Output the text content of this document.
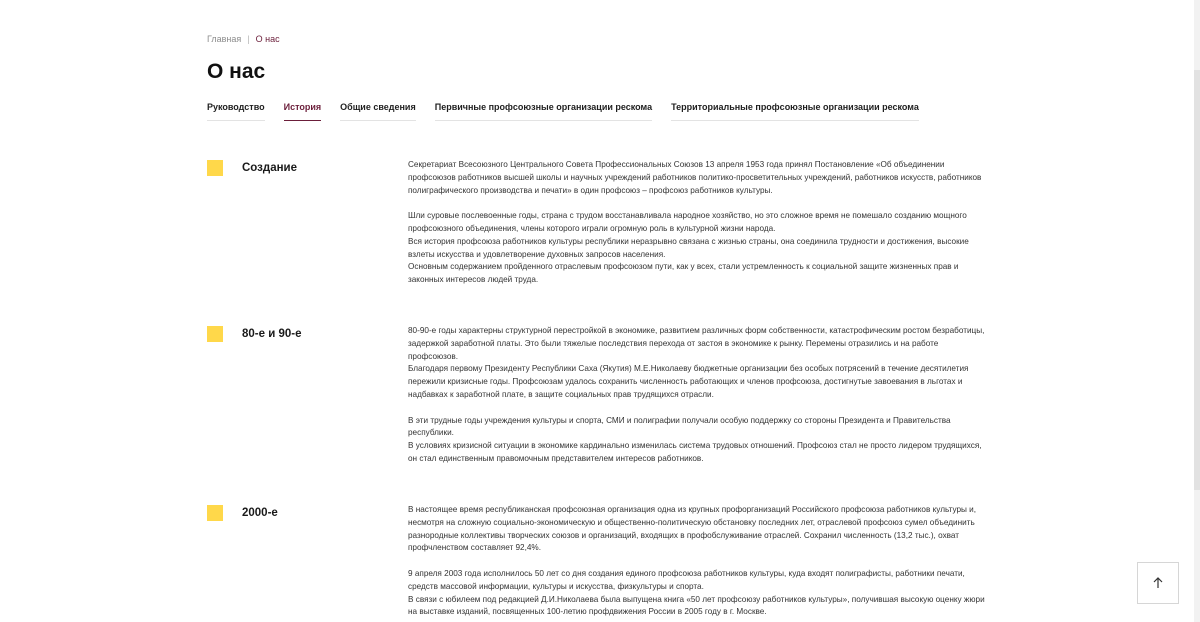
Главная | О нас
О нас
Руководство История Общие сведения Первичные профсоюзные организации рескома Территориальные профсоюзные организации рескома
Создание	Секретариат Всесоюзного Центрального Совета Профессиональных Союзов 13 апреля 1953 года принял Постановление «Об объединении профсоюзов работников высшей школы и научных учреждений работников политико-просветительных учреждений, работников искусств, работников полиграфического производства и печати» в один профсоюз – профсоюз работников культуры.

Шли суровые послевоенные годы, страна с трудом восстанавливала народное хозяйство, но это сложное время не помешало созданию мощного профсоюзного объединения, члены которого играли огромную роль в культурной жизни народа.
Вся история профсоюза работников культуры республики неразрывно связана с жизнью страны, она соединила трудности и достижения, высокие взлеты искусства и удовлетворение духовных запросов населения.
Основным содержанием пройденного отраслевым профсоюзом пути, как у всех, стали устремленность к социальной защите жизненных прав и законных интересов людей труда.

80-е и 90-е	80-90-е годы характерны структурной перестройкой в экономике, развитием различных форм собственности, катастрофическим ростом безработицы, задержкой заработной платы. Это были тяжелые последствия перехода от застоя в экономике к рынку. Перемены отразились и на работе профсоюзов.
Благодаря первому Президенту Республики Саха (Якутия) М.Е.Николаеву бюджетные организации без особых потрясений в течение десятилетия пережили кризисные годы. Профсоюзам удалось сохранить численность работающих и членов профсоюза, достигнутые завоевания в льготах и надбавках к заработной плате, в защите социальных прав трудящихся отрасли.

В эти трудные годы учреждения культуры и спорта, СМИ и полиграфии получали особую поддержку со стороны Президента и Правительства республики.
В условиях кризисной ситуации в экономике кардинально изменилась система трудовых отношений. Профсоюз стал не просто лидером трудящихся, он стал единственным правомочным представителем интересов работников.

2000-е	В настоящее время республиканская профсоюзная организация одна из крупных профорганизаций Российского профсоюза работников культуры и, несмотря на сложную социально-экономическую и общественно-политическую обстановку последних лет, отраслевой профсоюз сумел объединить разнородные коллективы творческих союзов и организаций, входящих в профобслуживание отраслей. Сохранил численность (13,2 тыс.), охват профчленством составляет 92,4%.

9 апреля 2003 года исполнилось 50 лет со дня создания единого профсоюза работников культуры, куда входят полиграфисты, работники печати, средств массовой информации, культуры и искусства, физкультуры и спорта.
В связи с юбилеем под редакцией Д.И.Николаева была выпущена книга «50 лет профсоюзу работников культуры», получившая высокую оценку жюри на выставке изданий, посвященных 100-летию профдвижения России в 2005 году в г. Москве.
